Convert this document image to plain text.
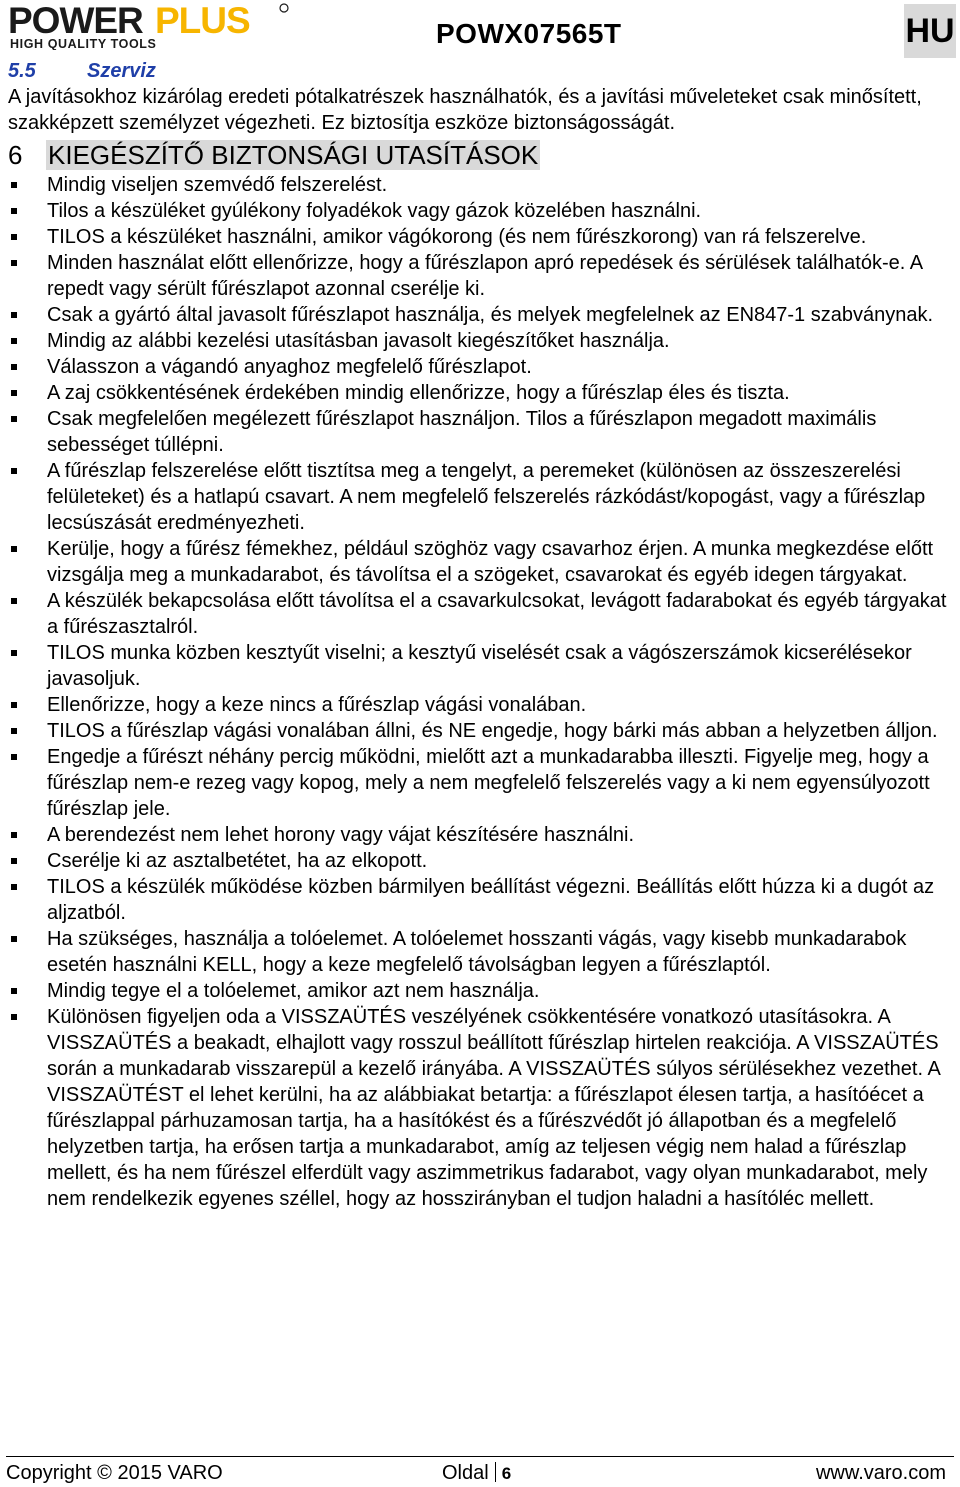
POWER PLUS
HIGH QUALITY TOOLS	POWX07565T	HU
5.5	Szerviz

A javításokhoz kizárólag eredeti pótalkatrészek használhatók, és a javítási műveleteket csak minősített, szakképzett személyzet végezheti. Ez biztosítja eszköze biztonságosságát.

6 KIEGÉSZÍTŐ BIZTONSÁGI UTASÍTÁSOK
Mindig viseljen szemvédő felszerelést.
Tilos a készüléket gyúlékony folyadékok vagy gázok közelében használni.
TILOS a készüléket használni, amikor vágókorong (és nem fűrészkorong) van rá felszerelve.
Minden használat előtt ellenőrizze, hogy a fűrészlapon apró repedések és sérülések találhatók-e. A repedt vagy sérült fűrészlapot azonnal cserélje ki.
Csak a gyártó által javasolt fűrészlapot használja, és melyek megfelelnek az EN847-1 szabványnak.
Mindig az alábbi kezelési utasításban javasolt kiegészítőket használja.
Válasszon a vágandó anyaghoz megfelelő fűrészlapot.
A zaj csökkentésének érdekében mindig ellenőrizze, hogy a fűrészlap éles és tiszta.
Csak megfelelően megélezett fűrészlapot használjon. Tilos a fűrészlapon megadott maximális sebességet túllépni.
A fűrészlap felszerelése előtt tisztítsa meg a tengelyt, a peremeket (különösen az összeszerelési felületeket) és a hatlapú csavart. A nem megfelelő felszerelés rázkódást/kopogást, vagy a fűrészlap lecsúszását eredményezheti.
Kerülje, hogy a fűrész fémekhez, például szöghöz vagy csavarhoz érjen. A munka megkezdése előtt vizsgálja meg a munkadarabot, és távolítsa el a szögeket, csavarokat és egyéb idegen tárgyakat.
A készülék bekapcsolása előtt távolítsa el a csavarkulcsokat, levágott fadarabokat és egyéb tárgyakat a fűrészasztalról.
TILOS munka közben kesztyűt viselni; a kesztyű viselését csak a vágószerszámok kicserélésekor javasoljuk.
Ellenőrizze, hogy a keze nincs a fűrészlap vágási vonalában.
TILOS a fűrészlap vágási vonalában állni, és NE engedje, hogy bárki más abban a helyzetben álljon.
Engedje a fűrészt néhány percig működni, mielőtt azt a munkadarabba illeszti. Figyelje meg, hogy a fűrészlap nem-e rezeg vagy kopog, mely a nem megfelelő felszerelés vagy a ki nem egyensúlyozott fűrészlap jele.
A berendezést nem lehet horony vagy vájat készítésére használni.
Cserélje ki az asztalbetétet, ha az elkopott.
TILOS a készülék működése közben bármilyen beállítást végezni. Beállítás előtt húzza ki a dugót az aljzatból.
Ha szükséges, használja a tolóelemet. A tolóelemet hosszanti vágás, vagy kisebb munkadarabok esetén használni KELL, hogy a keze megfelelő távolságban legyen a fűrészlaptól.
Mindig tegye el a tolóelemet, amikor azt nem használja.
Különösen figyeljen oda a VISSZAÜTÉS veszélyének csökkentésére vonatkozó utasításokra. A VISSZAÜTÉS a beakadt, elhajlott vagy rosszul beállított fűrészlap hirtelen reakciója. A VISSZAÜTÉS során a munkadarab visszarepül a kezelő irányába. A VISSZAÜTÉS súlyos sérülésekhez vezethet. A VISSZAÜTÉST el lehet kerülni, ha az alábbiakat betartja: a fűrészlapot élesen tartja, a hasítóécet a fűrészlappal párhuzamosan tartja, ha a hasítókést és a fűrészvédőt jó állapotban és a megfelelő helyzetben tartja, ha erősen tartja a munkadarabot, amíg az teljesen végig nem halad a fűrészlap mellett, és ha nem fűrészel elferdült vagy aszimmetrikus fadarabot, vagy olyan munkadarabot, mely nem rendelkezik egyenes széllel, hogy az hosszirányban el tudjon haladni a hasítóléc mellett.
Copyright © 2015 VARO	Oldal 6	www.varo.com
